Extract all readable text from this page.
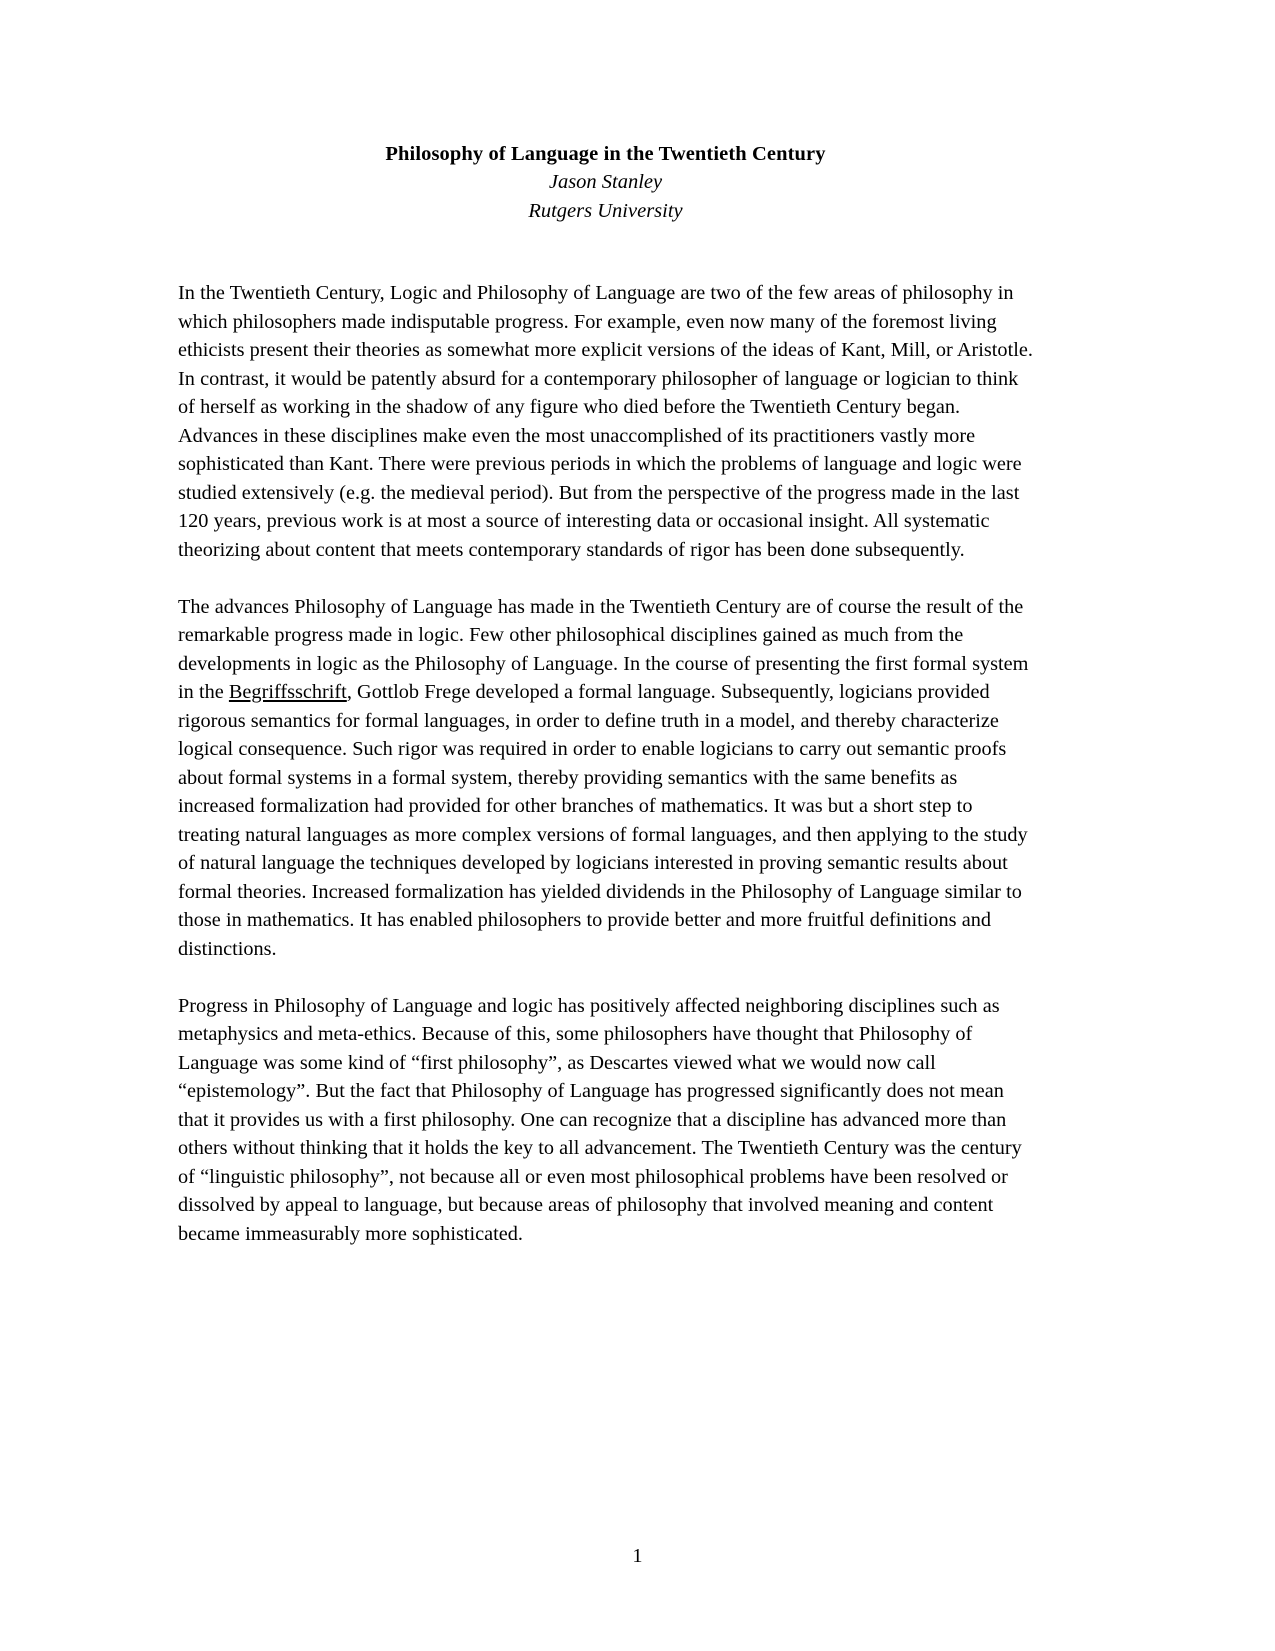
Philosophy of Language in the Twentieth Century
Jason Stanley
Rutgers University

In the Twentieth Century, Logic and Philosophy of Language are two of the few areas of philosophy in which philosophers made indisputable progress. For example, even now many of the foremost living ethicists present their theories as somewhat more explicit versions of the ideas of Kant, Mill, or Aristotle. In contrast, it would be patently absurd for a contemporary philosopher of language or logician to think of herself as working in the shadow of any figure who died before the Twentieth Century began. Advances in these disciplines make even the most unaccomplished of its practitioners vastly more sophisticated than Kant. There were previous periods in which the problems of language and logic were studied extensively (e.g. the medieval period). But from the perspective of the progress made in the last 120 years, previous work is at most a source of interesting data or occasional insight. All systematic theorizing about content that meets contemporary standards of rigor has been done subsequently.

The advances Philosophy of Language has made in the Twentieth Century are of course the result of the remarkable progress made in logic. Few other philosophical disciplines gained as much from the developments in logic as the Philosophy of Language. In the course of presenting the first formal system in the Begriffsschrift, Gottlob Frege developed a formal language. Subsequently, logicians provided rigorous semantics for formal languages, in order to define truth in a model, and thereby characterize logical consequence. Such rigor was required in order to enable logicians to carry out semantic proofs about formal systems in a formal system, thereby providing semantics with the same benefits as increased formalization had provided for other branches of mathematics. It was but a short step to treating natural languages as more complex versions of formal languages, and then applying to the study of natural language the techniques developed by logicians interested in proving semantic results about formal theories. Increased formalization has yielded dividends in the Philosophy of Language similar to those in mathematics. It has enabled philosophers to provide better and more fruitful definitions and distinctions.

Progress in Philosophy of Language and logic has positively affected neighboring disciplines such as metaphysics and meta-ethics. Because of this, some philosophers have thought that Philosophy of Language was some kind of “first philosophy”, as Descartes viewed what we would now call “epistemology”. But the fact that Philosophy of Language has progressed significantly does not mean that it provides us with a first philosophy. One can recognize that a discipline has advanced more than others without thinking that it holds the key to all advancement. The Twentieth Century was the century of “linguistic philosophy”, not because all or even most philosophical problems have been resolved or dissolved by appeal to language, but because areas of philosophy that involved meaning and content became immeasurably more sophisticated.

1
